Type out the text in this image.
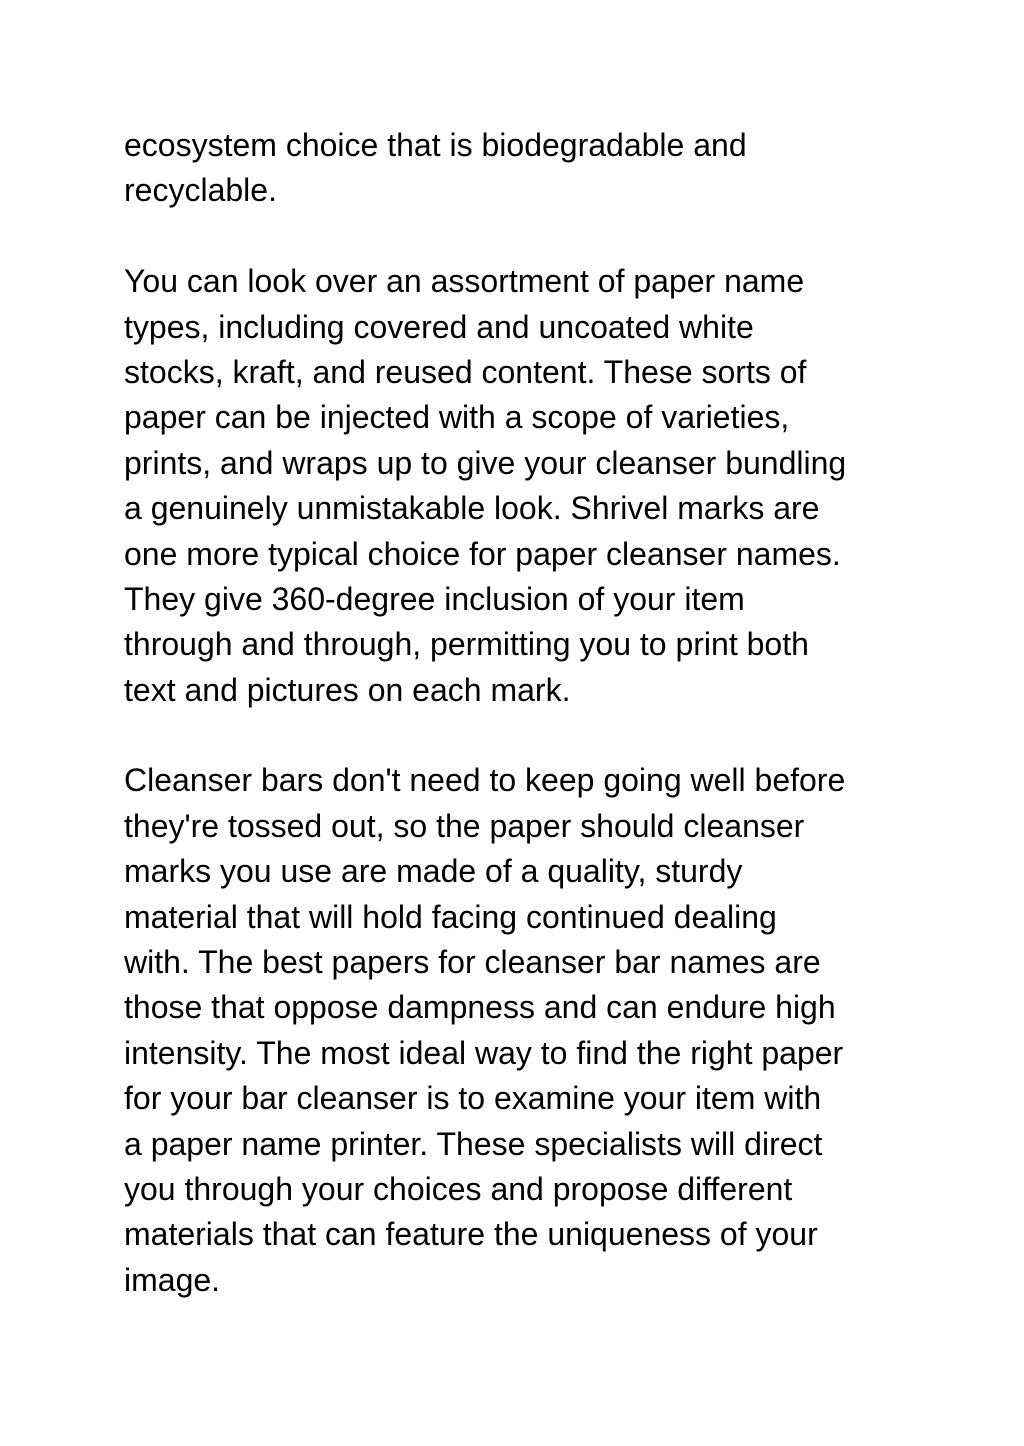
ecosystem choice that is biodegradable and
recyclable.

You can look over an assortment of paper name
types, including covered and uncoated white
stocks, kraft, and reused content. These sorts of
paper can be injected with a scope of varieties,
prints, and wraps up to give your cleanser bundling
a genuinely unmistakable look. Shrivel marks are
one more typical choice for paper cleanser names.
They give 360-degree inclusion of your item
through and through, permitting you to print both
text and pictures on each mark.

Cleanser bars don't need to keep going well before
they're tossed out, so the paper should cleanser
marks you use are made of a quality, sturdy
material that will hold facing continued dealing
with. The best papers for cleanser bar names are
those that oppose dampness and can endure high
intensity. The most ideal way to find the right paper
for your bar cleanser is to examine your item with
a paper name printer. These specialists will direct
you through your choices and propose different
materials that can feature the uniqueness of your
image.
